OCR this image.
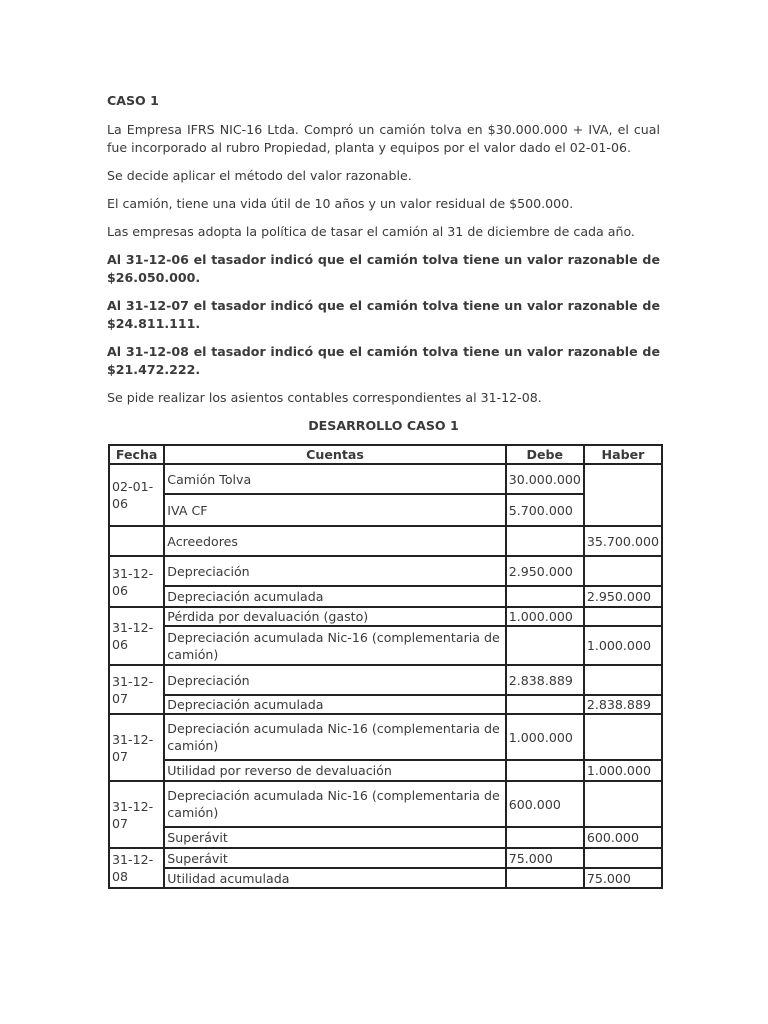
CASO 1

La Empresa IFRS NIC-16 Ltda. Compró un camión tolva en $30.000.000 + IVA, el cual fue incorporado al rubro Propiedad, planta y equipos por el valor dado el 02-01-06.

Se decide aplicar el método del valor razonable.

El camión, tiene una vida útil de 10 años y un valor residual de $500.000.

Las empresas adopta la política de tasar el camión al 31 de diciembre de cada año.

Al 31-12-06 el tasador indicó que el camión tolva tiene un valor razonable de $26.050.000.

Al 31-12-07 el tasador indicó que el camión tolva tiene un valor razonable de $24.811.111.

Al 31-12-08 el tasador indicó que el camión tolva tiene un valor razonable de $21.472.222.

Se pide realizar los asientos contables correspondientes al 31-12-08.

DESARROLLO CASO 1

Fecha	Cuentas	Debe	Haber
02-01-06	Camión Tolva	30.000.000	
	IVA CF	5.700.000	
	Acreedores		35.700.000
31-12-06	Depreciación	2.950.000	
	Depreciación acumulada		2.950.000
31-12-06	Pérdida por devaluación (gasto)	1.000.000	
	Depreciación acumulada Nic-16 (complementaria de camión)		1.000.000
31-12-07	Depreciación	2.838.889	
	Depreciación acumulada		2.838.889
31-12-07	Depreciación acumulada Nic-16 (complementaria de camión)	1.000.000	
	Utilidad por reverso de devaluación		1.000.000
31-12-07	Depreciación acumulada Nic-16 (complementaria de camión)	600.000	
	Superávit		600.000
31-12-08	Superávit	75.000	
	Utilidad acumulada		75.000
